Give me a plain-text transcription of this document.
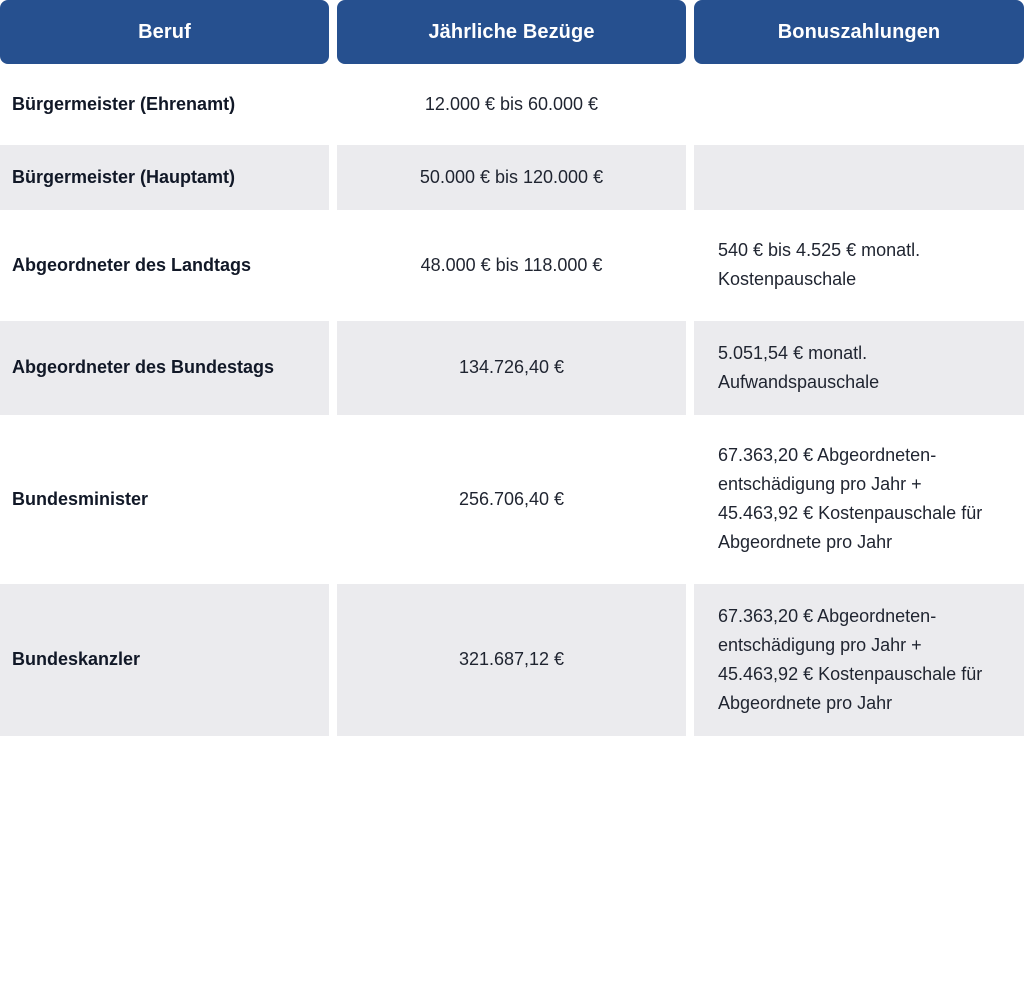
Beruf	Jährliche Bezüge	Bonuszahlungen
Bürgermeister (Ehrenamt)	12.000 € bis 60.000 €	
Bürgermeister (Hauptamt)	50.000 € bis 120.000 €	
Abgeordneter des Landtags	48.000 € bis 118.000 €	540 € bis 4.525 € monatl. Kostenpauschale
Abgeordneter des Bundestags	134.726,40 €	5.051,54 € monatl. Aufwandspauschale
Bundesminister	256.706,40 €	67.363,20 € Abgeordneten-entschädigung pro Jahr + 45.463,92 € Kostenpauschale für Abgeordnete pro Jahr
Bundeskanzler	321.687,12 €	67.363,20 € Abgeordneten-entschädigung pro Jahr + 45.463,92 € Kostenpauschale für Abgeordnete pro Jahr
